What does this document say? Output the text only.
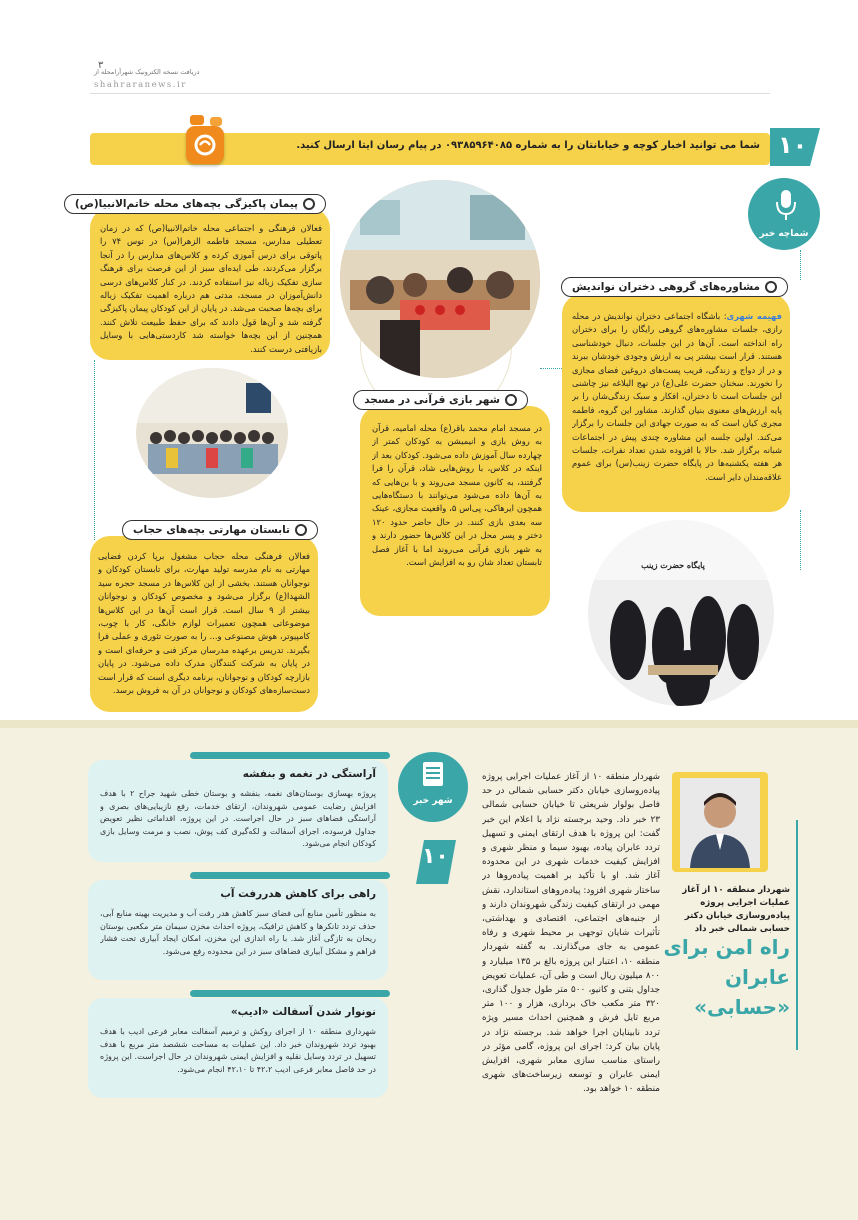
دریافت نسخه الکترونیک شهرآرامحله از
shahraranews.ir
۳
شما می توانید اخبار کوچه و خیابانتان را به شماره ۰۹۳۸۵۹۶۴۰۸۵ در پیام رسان ایتا ارسال کنید. ۱۰
شماچه خبر
پیمان پاکیزگی بچه‌های محله خاتم‌الانبیا(ص)
فعالان فرهنگی و اجتماعی محله خاتم‌الانبیا(ص) که در زمان تعطیلی مدارس، مسجد فاطمه الزهرا(س) در توس ۷۴ را پاتوقی برای درس آموزی کرده و کلاس‌های مدارس را در آنجا برگزار می‌کردند، طی ایده‌ای سبز از این فرصت برای فرهنگ سازی تفکیک زباله نیز استفاده کردند. در کنار کلاس‌های درسی دانش‌آموزان در مسجد، مدتی هم درباره اهمیت تفکیک زباله برای بچه‌ها صحبت می‌شد. در پایان از این کودکان پیمان پاکیزگی گرفته شد و آن‌ها قول دادند که برای حفظ طبیعت تلاش کنند. همچنین از این بچه‌ها خواسته شد کاردستی‌هایی با وسایل بازیافتی درست کنند.
مشاوره‌های گروهی دختران نواندیش
فهیمه شهری: باشگاه اجتماعی دختران نواندیش در محله رازی، جلسات مشاوره‌های گروهی رایگان را برای دختران راه انداخته است. آن‌ها در این جلسات، دنبال خودشناسی هستند. قرار است بیشتر پی به ارزش وجودی خودشان ببرند و در از دواج و زندگی، فریب پست‌های دروغین فضای مجازی را نخورند. سخنان حضرت علی(ع) در نهج البلاغه نیز چاشنی این جلسات است تا دختران، افکار و سبک زندگی‌شان را بر پایه ارزش‌های معنوی بنیان گذارند. مشاور این گروه، فاطمه مجری کیان است که به صورت جهادی این جلسات را برگزار می‌کند. اولین جلسه این مشاوره چندی پیش در اجتماعات شبانه برگزار شد. حالا با افزوده شدن تعداد نفرات، جلسات هر هفته یکشنبه‌ها در پایگاه حضرت زینب(س) برای عموم علاقه‌مندان دایر است.
شهر بازی قرآنی در مسجد
در مسجد امام محمد باقر(ع) محله امامیه، قرآن به روش بازی و انیمیشن به کودکان کمتر از چهارده سال آموزش داده می‌شود. کودکان بعد از اینکه در کلاس، با روش‌هایی شاد، قرآن را فرا گرفتند، به کانون مسجد می‌روند و با بن‌هایی که به آن‌ها داده می‌شود می‌توانند با دستگاه‌هایی همچون ایرهاکی، پی‌اس ۵، واقعیت مجازی، عینک سه بعدی بازی کنند. در حال حاضر حدود ۱۲۰ دختر و پسر محل در این کلاس‌ها حضور دارند و به شهر بازی قرآنی می‌روند اما با آغاز فصل تابستان تعداد شان رو به افزایش است.
تابستان مهارتی بچه‌های حجاب
فعالان فرهنگی محله حجاب مشغول برپا کردن فضایی مهارتی به نام مدرسه تولید مهارت، برای تابستان کودکان و نوجوانان هستند. بخشی از این کلاس‌ها در مسجد حجره سید الشهدا(ع) برگزار می‌شود و مخصوص کودکان و نوجوانان بیشتر از ۹ سال است. قرار است آن‌ها در این کلاس‌ها موضوعاتی همچون تعمیرات لوازم خانگی، کار با چوب، کامپیوتر، هوش مصنوعی و... را به صورت تئوری و عملی فرا بگیرند. تدریس برعهده مدرسان مرکز فنی و حرفه‌ای است و در پایان به شرکت کنندگان مدرک داده می‌شود. در پایان بازارچه کودکان و نوجوانان، برنامه دیگری است که قرار است دست‌سازه‌های کودکان و نوجوانان در آن به فروش برسد.
پایگاه حضرت زینب
آراستگی در نغمه و بنفشه
پروژه بهسازی بوستان‌های نغمه، بنفشه و بوستان خطی شهید جراح ۲ با هدف افزایش رضایت عمومی شهروندان، ارتقای خدمات، رفع نازیبایی‌های بصری و آراستگی فضاهای سبز در حال اجراست. در این پروژه، اقداماتی نظیر تعویض جداول فرسوده، اجرای آسفالت و لکه‌گیری کف پوش، نصب و مرمت وسایل بازی کودکان انجام می‌شود.
راهی برای کاهش هدررفت آب
به منظور تأمین منابع آبی فضای سبز کاهش هدر رفت آب و مدیریت بهینه منابع آبی، حذف تردد تانکرها و کاهش ترافیک، پروژه احداث مخزن سیمان متر مکعبی بوستان ریحان به تازگی آغاز شد. با راه اندازی این مخزن، امکان ایجاد آبیاری تحت فشار فراهم و مشکل آبیاری فضاهای سبز در این محدوده رفع می‌شود.
نونوار شدن آسفالت «ادیب»
شهرداری منطقه ۱۰ از اجرای روکش و ترمیم آسفالت معابر فرعی ادیب با هدف بهبود تردد شهروندان خبر داد. این عملیات به مساحت ششصد متر مربع با هدف تسهیل در تردد وسایل نقلیه و افزایش ایمنی شهروندان در حال اجراست. این پروژه در حد فاصل معابر فرعی ادیب ۴۲،۲ تا ۴۲،۱۰ انجام می‌شود.
شهر خبر
۱۰
شهردار منطقه ۱۰ از آغاز عملیات اجرایی پروژه پیاده‌روسازی خیابان دکتر حسابی شمالی در حد فاصل بولوار شریعتی تا خیابان حسابی شمالی ۲۳ خبر داد. وحید برجسته نژاد با اعلام این خبر گفت: این پروژه با هدف ارتقای ایمنی و تسهیل تردد عابران پیاده، بهبود سیما و منظر شهری و افزایش کیفیت خدمات شهری در این محدوده آغاز شد. او با تأکید بر اهمیت پیاده‌روها در ساختار شهری افزود: پیاده‌روهای استاندارد، نقش مهمی در ارتقای کیفیت زندگی شهروندان دارند و از جنبه‌های اجتماعی، اقتصادی و بهداشتی، تأثیرات شایان توجهی بر محیط شهری و رفاه عمومی به جای می‌گذارند. به گفته شهردار منطقه ۱۰، اعتبار این پروژه بالغ بر ۱۳۵ میلیارد و ۸۰۰ میلیون ریال است و طی آن، عملیات تعویض جداول بتنی و کانیو، ۵۰۰ متر طول جدول گذاری، ۳۲۰ متر مکعب خاک برداری، هزار و ۱۰۰ متر مربع تایل فرش و همچنین احداث مسیر ویژه تردد نابینایان اجرا خواهد شد. برجسته نژاد در پایان بیان کرد: اجرای این پروژه، گامی مؤثر در راستای مناسب سازی معابر شهری، افزایش ایمنی عابران و توسعه زیرساخت‌های شهری منطقه ۱۰ خواهد بود.
شهردار منطقه ۱۰ از آغاز عملیات اجرایی پروژه پیاده‌روسازی خیابان دکتر حسابی شمالی خبر داد
راه امن برای عابران «حسابی»
